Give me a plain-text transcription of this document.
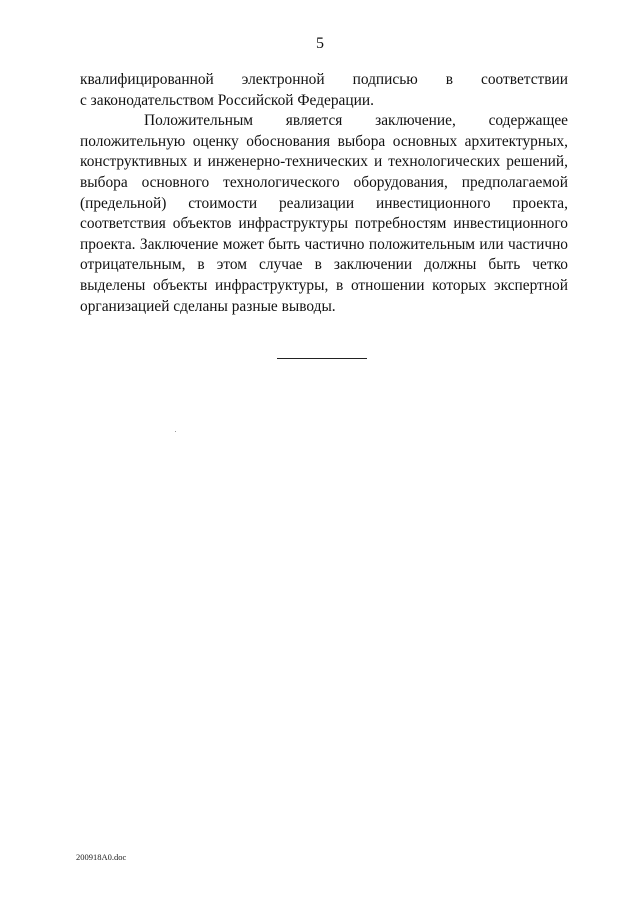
5

квалифицированной электронной подписью в соответствии
с законодательством Российской Федерации.

Положительным является заключение, содержащее положительную оценку обоснования выбора основных архитектурных, конструктивных и инженерно-технических и технологических решений, выбора основного технологического оборудования, предполагаемой (предельной) стоимости реализации инвестиционного проекта, соответствия объектов инфраструктуры потребностям инвестиционного проекта. Заключение может быть частично положительным или частично отрицательным, в этом случае в заключении должны быть четко выделены объекты инфраструктуры, в отношении которых экспертной организацией сделаны разные выводы.

200918A0.doc
